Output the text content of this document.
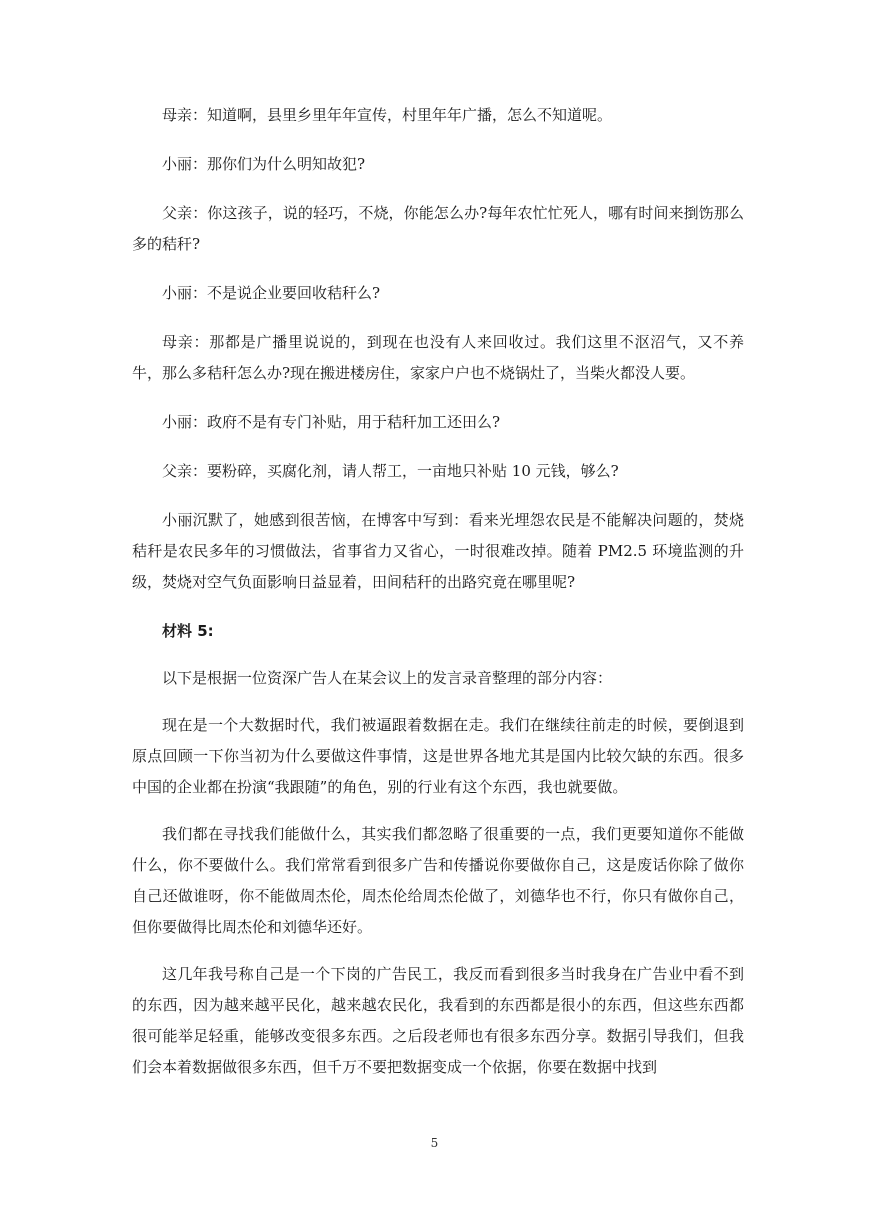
母亲：知道啊，县里乡里年年宣传，村里年年广播，怎么不知道呢。

小丽：那你们为什么明知故犯?

父亲：你这孩子，说的轻巧，不烧，你能怎么办?每年农忙忙死人，哪有时间来捯饬那么多的秸秆?

小丽：不是说企业要回收秸秆么?

母亲：那都是广播里说说的，到现在也没有人来回收过。我们这里不沤沼气，又不养牛，那么多秸秆怎么办?现在搬进楼房住，家家户户也不烧锅灶了，当柴火都没人要。

小丽：政府不是有专门补贴，用于秸秆加工还田么?

父亲：要粉碎，买腐化剂，请人帮工，一亩地只补贴 10 元钱，够么?

小丽沉默了，她感到很苦恼，在博客中写到：看来光埋怨农民是不能解决问题的，焚烧秸秆是农民多年的习惯做法，省事省力又省心，一时很难改掉。随着 PM2.5 环境监测的升级，焚烧对空气负面影响日益显着，田间秸秆的出路究竟在哪里呢?

材料 5:

以下是根据一位资深广告人在某会议上的发言录音整理的部分内容：

现在是一个大数据时代，我们被逼跟着数据在走。我们在继续往前走的时候，要倒退到原点回顾一下你当初为什么要做这件事情，这是世界各地尤其是国内比较欠缺的东西。很多中国的企业都在扮演“我跟随”的角色，别的行业有这个东西，我也就要做。

我们都在寻找我们能做什么，其实我们都忽略了很重要的一点，我们更要知道你不能做什么，你不要做什么。我们常常看到很多广告和传播说你要做你自己，这是废话你除了做你自己还做谁呀，你不能做周杰伦，周杰伦给周杰伦做了，刘德华也不行，你只有做你自己，但你要做得比周杰伦和刘德华还好。

这几年我号称自己是一个下岗的广告民工，我反而看到很多当时我身在广告业中看不到的东西，因为越来越平民化，越来越农民化，我看到的东西都是很小的东西，但这些东西都很可能举足轻重，能够改变很多东西。之后段老师也有很多东西分享。数据引导我们，但我们会本着数据做很多东西，但千万不要把数据变成一个依据，你要在数据中找到

5
